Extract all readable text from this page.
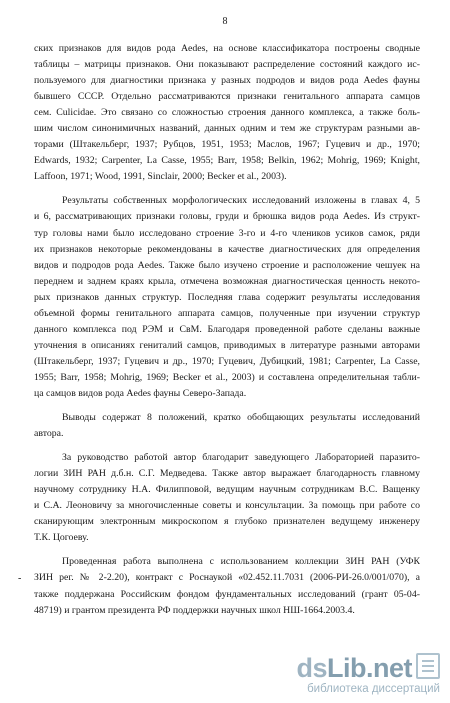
8
ских признаков для видов рода Aedes, на основе классификатора построены сводные
таблицы – матрицы признаков. Они показывают распределение состояний каждого ис-
пользуемого для диагностики признака у разных подродов и видов рода Aedes фауны
бывшего СССР. Отдельно рассматриваются признаки генитального аппарата самцов
сем. Culicidae. Это связано со сложностью строения данного комплекса, а также боль-
шим числом синонимичных названий, данных одним и тем же структурам разными ав-
торами (Штакельберг, 1937; Рубцов, 1951, 1953; Маслов, 1967; Гуцевич и др., 1970;
Edwards, 1932; Carpenter, La Casse, 1955; Barr, 1958; Belkin, 1962; Mohrig, 1969; Knight,
Laffoon, 1971; Wood, 1991, Sinclair, 2000; Becker et al., 2003).
Результаты собственных морфологических исследований изложены в главах 4, 5
и 6, рассматривающих признаки головы, груди и брюшка видов рода Aedes. Из структ-
тур головы нами было исследовано строение 3-го и 4-го члеников усиков самок, ряди
их признаков некоторые рекомендованы в качестве диагностических для определения
видов и подродов рода Aedes. Также было изучено строение и расположение чешуек на
переднем и заднем краях крыла, отмечена возможная диагностическая ценность некото-
рых признаков данных структур. Последняя глава содержит результаты исследования
объемной формы генитального аппарата самцов, полученные при изучении структур
данного комплекса под РЭМ и СвМ. Благодаря проведенной работе сделаны важные
уточнения в описаниях гениталий самцов, приводимых в литературе разными авторами
(Штакельберг, 1937; Гуцевич и др., 1970; Гуцевич, Дубицкий, 1981; Carpenter, La Casse,
1955; Barr, 1958; Mohrig, 1969; Becker et al., 2003) и составлена определительная табли-
ца самцов видов рода Aedes фауны Северо-Запада.
Выводы содержат 8 положений, кратко обобщающих результаты исследований
автора.
За руководство работой автор благодарит заведующего Лабораторией паразито-
логии ЗИН РАН д.б.н. С.Г. Медведева. Также автор выражает благодарность главному
научному сотруднику Н.А. Филипповой, ведущим научным сотрудникам В.С. Ващенку
и С.А. Леоновичу за многочисленные советы и консультации. За помощь при работе со
сканирующим электронным микроскопом я глубоко признателен ведущему инженеру
Т.К. Цогоеву.
Проведенная работа выполнена с использованием коллекции ЗИН РАН (УФК
ЗИН рег. № 2-2.20), контракт с Роснаукой «02.452.11.7031 (2006-РИ-26.0/001/070), а
также поддержана Российским фондом фундаментальных исследований (грант 05-04-
48719) и грантом президента РФ поддержки научных школ НШ-1664.2003.4.
-
dsLib.net
библиотека диссертаций
